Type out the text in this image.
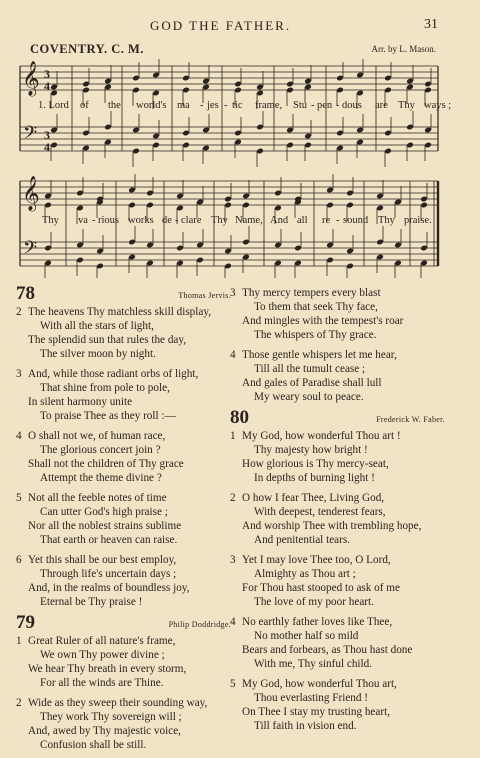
GOD THE FATHER.	31
COVENTRY. C. M.	Arr. by L. Mason.
𝄞
𝄢
𝄞
𝄢
3
4
3
4
1. Lord of the world's ma - jes - tic frame, Stu - pen - dous are Thy ways ;
Thy va - rious works de - clare Thy Name, And all re - sound Thy praise.
78	Thomas Jervis.
2 The heavens Thy matchless skill display,
With all the stars of light,
The splendid sun that rules the day,
The silver moon by night.
3 And, while those radiant orbs of light,
That shine from pole to pole,
In silent harmony unite
To praise Thee as they roll :—
4 O shall not we, of human race,
The glorious concert join ?
Shall not the children of Thy grace
Attempt the theme divine ?
5 Not all the feeble notes of time
Can utter God's high praise ;
Nor all the noblest strains sublime
That earth or heaven can raise.
6 Yet this shall be our best employ,
Through life's uncertain days ;
And, in the realms of boundless joy,
Eternal be Thy praise !
79	Philip Doddridge.
1 Great Ruler of all nature's frame,
We own Thy power divine ;
We hear Thy breath in every storm,
For all the winds are Thine.
2 Wide as they sweep their sounding way,
They work Thy sovereign will ;
And, awed by Thy majestic voice,
Confusion shall be still.
3 Thy mercy tempers every blast
To them that seek Thy face,
And mingles with the tempest's roar
The whispers of Thy grace.
4 Those gentle whispers let me hear,
Till all the tumult cease ;
And gales of Paradise shall lull
My weary soul to peace.
80	Frederick W. Faber.
1 My God, how wonderful Thou art !
Thy majesty how bright !
How glorious is Thy mercy-seat,
In depths of burning light !
2 O how I fear Thee, Living God,
With deepest, tenderest fears,
And worship Thee with trembling hope,
And penitential tears.
3 Yet I may love Thee too, O Lord,
Almighty as Thou art ;
For Thou hast stooped to ask of me
The love of my poor heart.
4 No earthly father loves like Thee,
No mother half so mild
Bears and forbears, as Thou hast done
With me, Thy sinful child.
5 My God, how wonderful Thou art,
Thou everlasting Friend !
On Thee I stay my trusting heart,
Till faith in vision end.
